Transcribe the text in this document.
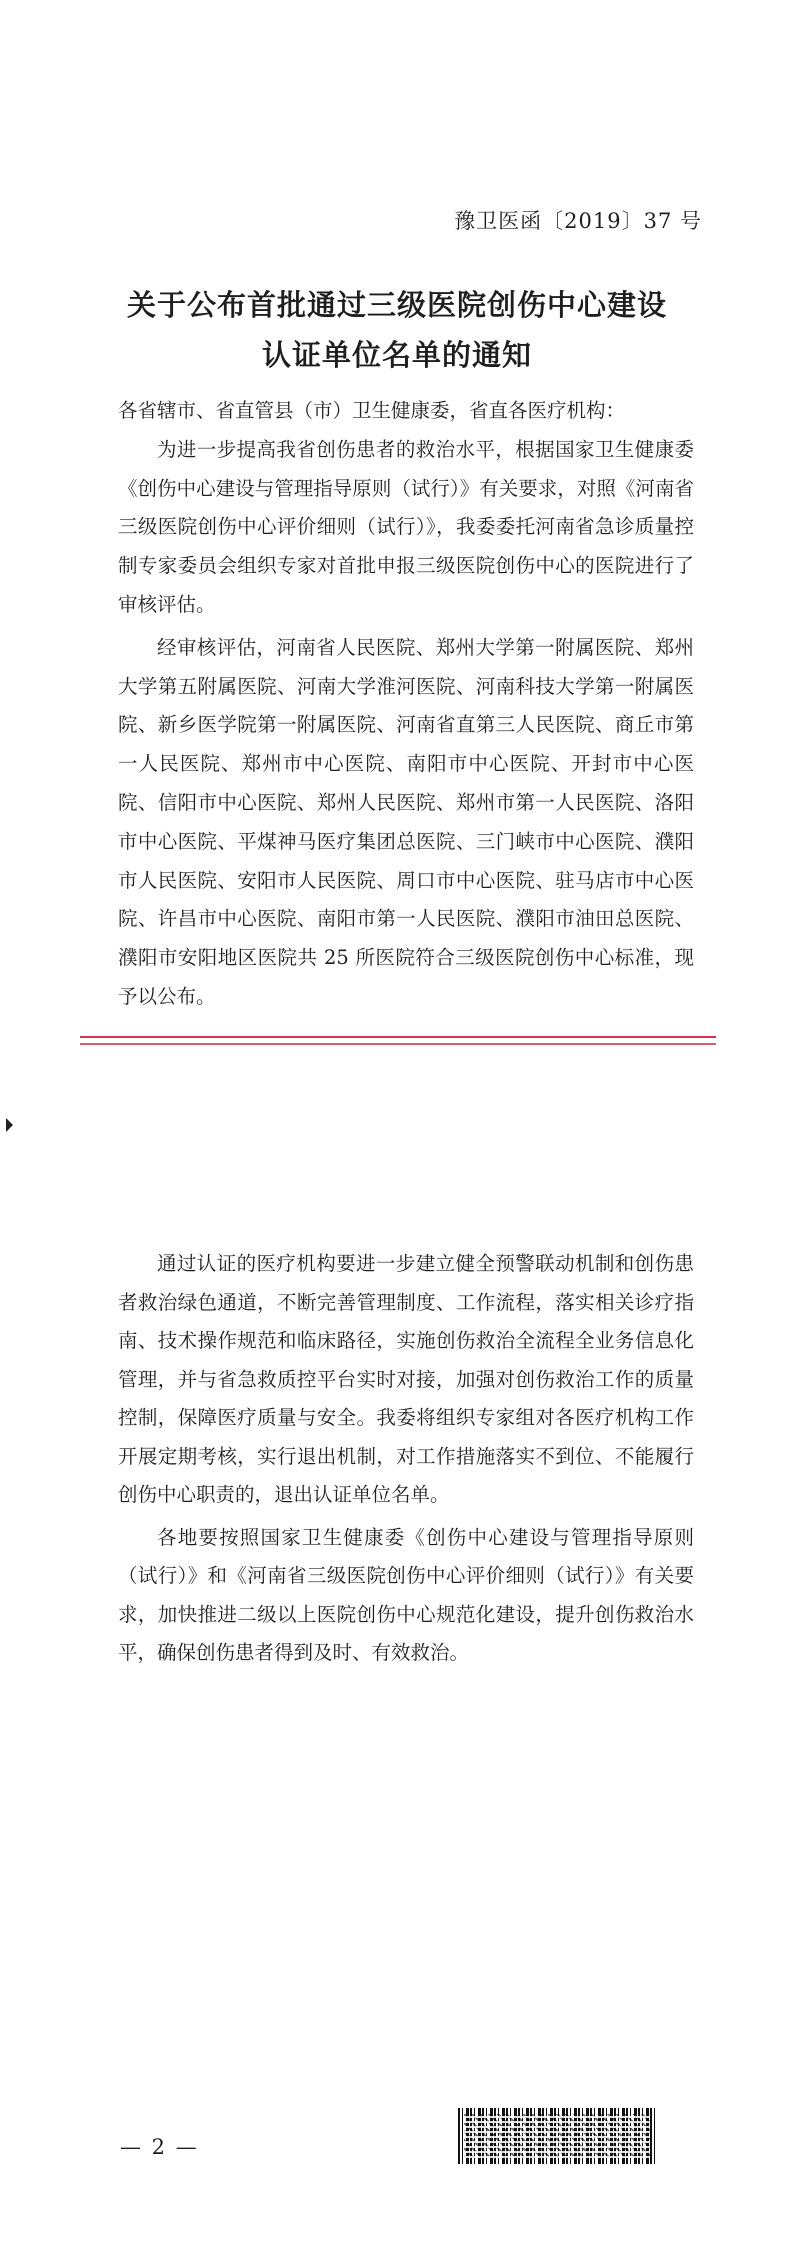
豫卫医函〔2019〕37 号
关于公布首批通过三级医院创伤中心建设
认证单位名单的通知

各省辖市、省直管县（市）卫生健康委，省直各医疗机构：

为进一步提高我省创伤患者的救治水平，根据国家卫生健康委《创伤中心建设与管理指导原则（试行）》有关要求，对照《河南省三级医院创伤中心评价细则（试行）》，我委委托河南省急诊质量控制专家委员会组织专家对首批申报三级医院创伤中心的医院进行了审核评估。

经审核评估，河南省人民医院、郑州大学第一附属医院、郑州大学第五附属医院、河南大学淮河医院、河南科技大学第一附属医院、新乡医学院第一附属医院、河南省直第三人民医院、商丘市第一人民医院、郑州市中心医院、南阳市中心医院、开封市中心医院、信阳市中心医院、郑州人民医院、郑州市第一人民医院、洛阳市中心医院、平煤神马医疗集团总医院、三门峡市中心医院、濮阳市人民医院、安阳市人民医院、周口市中心医院、驻马店市中心医院、许昌市中心医院、南阳市第一人民医院、濮阳市油田总医院、濮阳市安阳地区医院共 25 所医院符合三级医院创伤中心标准，现予以公布。

通过认证的医疗机构要进一步建立健全预警联动机制和创伤患者救治绿色通道，不断完善管理制度、工作流程，落实相关诊疗指南、技术操作规范和临床路径，实施创伤救治全流程全业务信息化管理，并与省急救质控平台实时对接，加强对创伤救治工作的质量控制，保障医疗质量与安全。我委将组织专家组对各医疗机构工作开展定期考核，实行退出机制，对工作措施落实不到位、不能履行创伤中心职责的，退出认证单位名单。

各地要按照国家卫生健康委《创伤中心建设与管理指导原则（试行）》和《河南省三级医院创伤中心评价细则（试行）》有关要求，加快推进二级以上医院创伤中心规范化建设，提升创伤救治水平，确保创伤患者得到及时、有效救治。

— 2 —
